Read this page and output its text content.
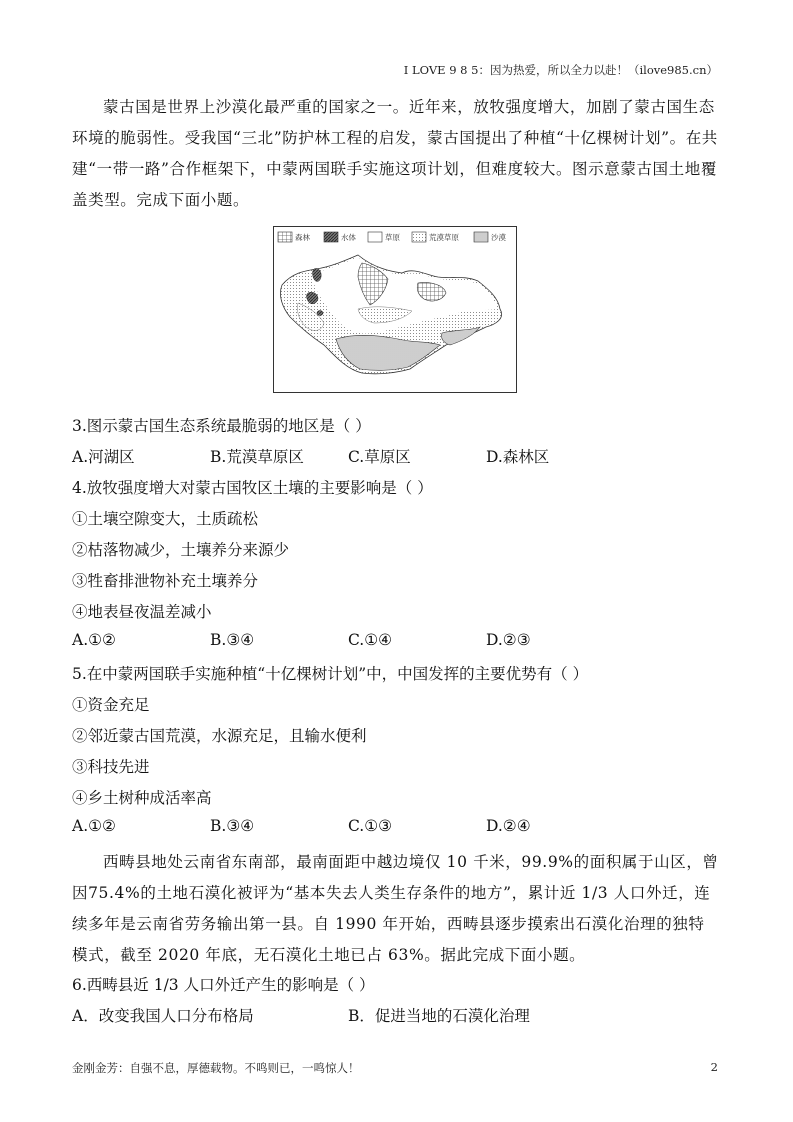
I LOVE 9 8 5：因为热爱，所以全力以赴！（ilove985.cn）
蒙古国是世界上沙漠化最严重的国家之一。近年来，放牧强度增大，加剧了蒙古国生态环境的脆弱性。受我国“三北”防护林工程的启发，蒙古国提出了种植“十亿棵树计划”。在共建“一带一路”合作框架下，中蒙两国联手实施这项计划，但难度较大。图示意蒙古国土地覆盖类型。完成下面小题。
森林	水体	草原	荒漠草原	沙漠
3.图示蒙古国生态系统最脆弱的地区是（ ）
A.河湖区	B.荒漠草原区	C.草原区	D.森林区
4.放牧强度增大对蒙古国牧区土壤的主要影响是（ ）
①土壤空隙变大，土质疏松
②枯落物减少，土壤养分来源少
③牲畜排泄物补充土壤养分
④地表昼夜温差减小
A.①②	B.③④	C.①④	D.②③
5.在中蒙两国联手实施种植“十亿棵树计划”中，中国发挥的主要优势有（ ）
①资金充足
②邻近蒙古国荒漠，水源充足，且输水便利
③科技先进
④乡土树种成活率高
A.①②	B.③④	C.①③	D.②④
西畴县地处云南省东南部，最南面距中越边境仅 10 千米，99.9%的面积属于山区，曾因75.4%的土地石漠化被评为“基本失去人类生存条件的地方”，累计近 1/3 人口外迁，连续多年是云南省劳务输出第一县。自 1990 年开始，西畴县逐步摸索出石漠化治理的独特模式，截至 2020 年底，无石漠化土地已占 63%。据此完成下面小题。
6.西畴县近 1/3 人口外迁产生的影响是（ ）
A．改变我国人口分布格局	B．促进当地的石漠化治理
金刚金芳：自强不息，厚德载物。不鸣则已，一鸣惊人！	2
